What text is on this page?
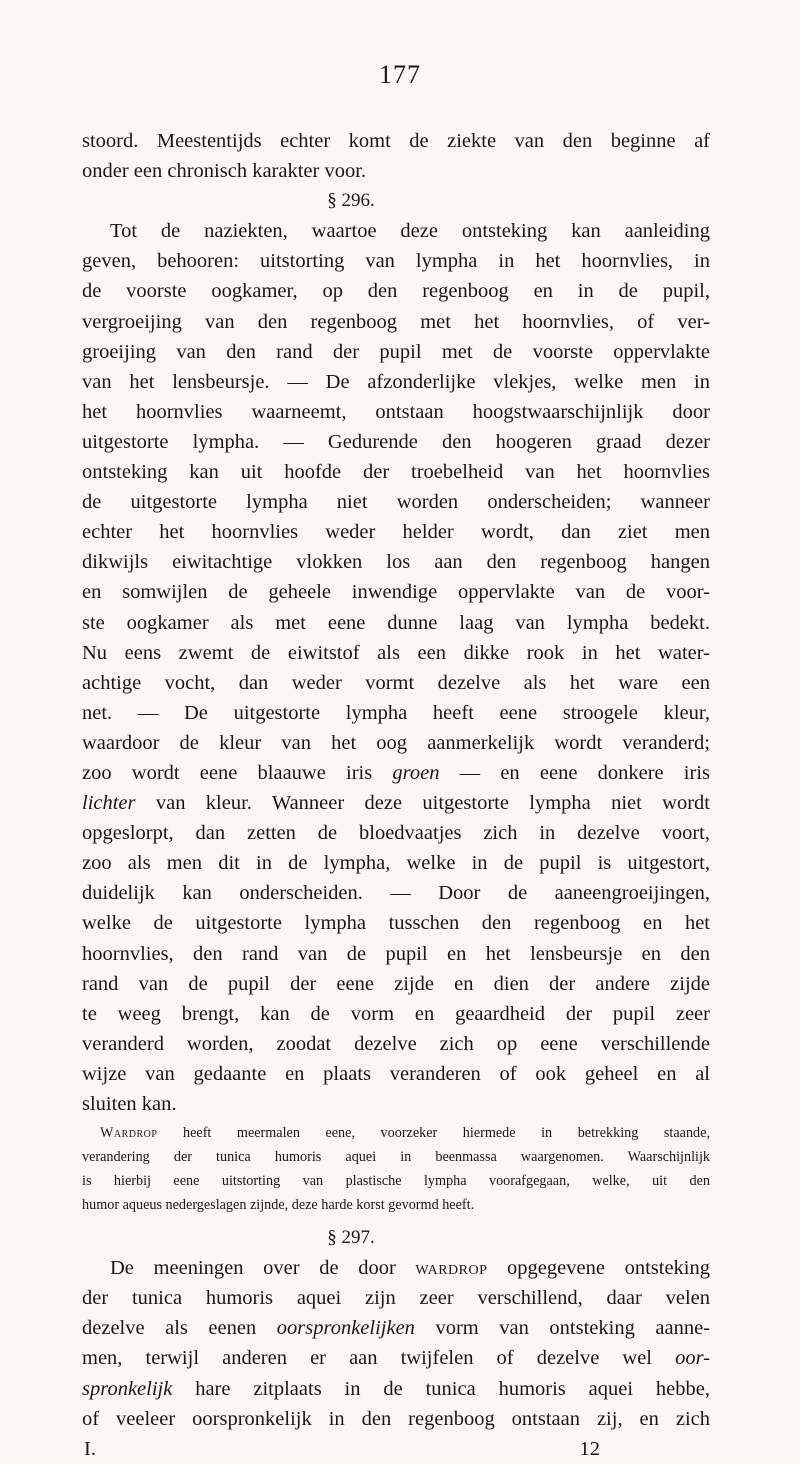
177
stoord. Meestentijds echter komt de ziekte van den beginne af
onder een chronisch karakter voor.
§ 296.
Tot de naziekten, waartoe deze ontsteking kan aanleiding
geven, behooren: uitstorting van lympha in het hoornvlies, in
de voorste oogkamer, op den regenboog en in de pupil,
vergroeijing van den regenboog met het hoornvlies, of ver-
groeijing van den rand der pupil met de voorste oppervlakte
van het lensbeursje. — De afzonderlijke vlekjes, welke men in
het hoornvlies waarneemt, ontstaan hoogstwaarschijnlijk door
uitgestorte lympha. — Gedurende den hoogeren graad dezer
ontsteking kan uit hoofde der troebelheid van het hoornvlies
de uitgestorte lympha niet worden onderscheiden; wanneer
echter het hoornvlies weder helder wordt, dan ziet men
dikwijls eiwitachtige vlokken los aan den regenboog hangen
en somwijlen de geheele inwendige oppervlakte van de voor-
ste oogkamer als met eene dunne laag van lympha bedekt.
Nu eens zwemt de eiwitstof als een dikke rook in het water-
achtige vocht, dan weder vormt dezelve als het ware een
net. — De uitgestorte lympha heeft eene stroogele kleur,
waardoor de kleur van het oog aanmerkelijk wordt veranderd;
zoo wordt eene blaauwe iris groen — en eene donkere iris
lichter van kleur. Wanneer deze uitgestorte lympha niet wordt
opgeslorpt, dan zetten de bloedvaatjes zich in dezelve voort,
zoo als men dit in de lympha, welke in de pupil is uitgestort,
duidelijk kan onderscheiden. — Door de aaneengroeijingen,
welke de uitgestorte lympha tusschen den regenboog en het
hoornvlies, den rand van de pupil en het lensbeursje en den
rand van de pupil der eene zijde en dien der andere zijde
te weeg brengt, kan de vorm en geaardheid der pupil zeer
veranderd worden, zoodat dezelve zich op eene verschillende
wijze van gedaante en plaats veranderen of ook geheel en al
sluiten kan.
Wardrop heeft meermalen eene, voorzeker hiermede in betrekking staande,
verandering der tunica humoris aquei in beenmassa waargenomen. Waarschijnlijk
is hierbij eene uitstorting van plastische lympha voorafgegaan, welke, uit den
humor aqueus nedergeslagen zijnde, deze harde korst gevormd heeft.
§ 297.
De meeningen over de door wardrop opgegevene ontsteking
der tunica humoris aquei zijn zeer verschillend, daar velen
dezelve als eenen oorspronkelijken vorm van ontsteking aanne-
men, terwijl anderen er aan twijfelen of dezelve wel oor-
spronkelijk hare zitplaats in de tunica humoris aquei hebbe,
of veeleer oorspronkelijk in den regenboog ontstaan zij, en zich
I.	12
